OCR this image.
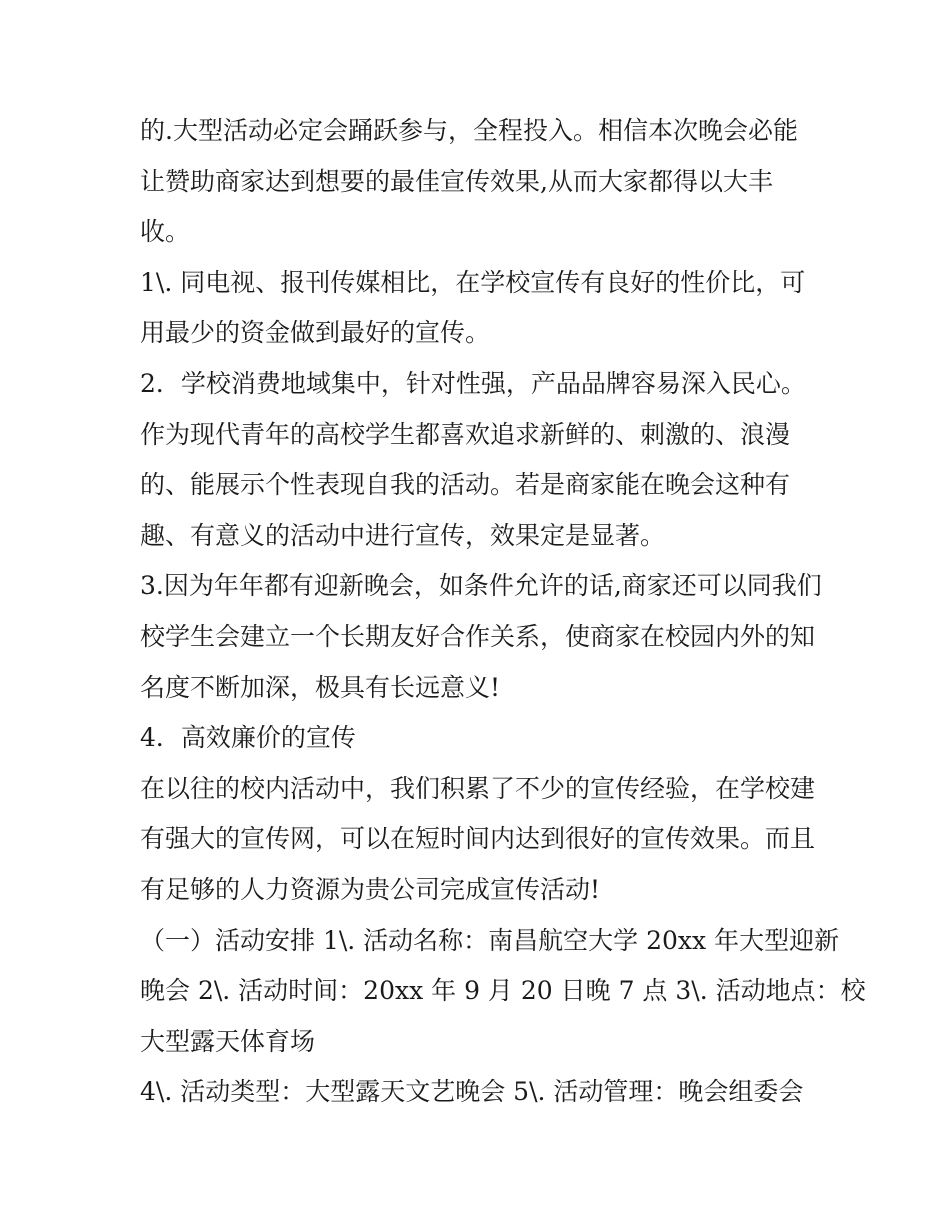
的.大型活动必定会踊跃参与，全程投入。相信本次晚会必能
让赞助商家达到想要的最佳宣传效果,从而大家都得以大丰
收。
1\. 同电视、报刊传媒相比，在学校宣传有良好的性价比，可
用最少的资金做到最好的宣传。
2．学校消费地域集中，针对性强，产品品牌容易深入民心。
作为现代青年的高校学生都喜欢追求新鲜的、刺激的、浪漫
的、能展示个性表现自我的活动。若是商家能在晚会这种有
趣、有意义的活动中进行宣传，效果定是显著。
3.因为年年都有迎新晚会，如条件允许的话,商家还可以同我们
校学生会建立一个长期友好合作关系，使商家在校园内外的知
名度不断加深，极具有长远意义!
4．高效廉价的宣传
在以往的校内活动中，我们积累了不少的宣传经验，在学校建
有强大的宣传网，可以在短时间内达到很好的宣传效果。而且
有足够的人力资源为贵公司完成宣传活动!
（一）活动安排 1\. 活动名称：南昌航空大学 20xx 年大型迎新
晚会 2\. 活动时间：20xx 年 9 月 20 日晚 7 点 3\. 活动地点：校
大型露天体育场
4\. 活动类型：大型露天文艺晚会 5\. 活动管理：晚会组委会
